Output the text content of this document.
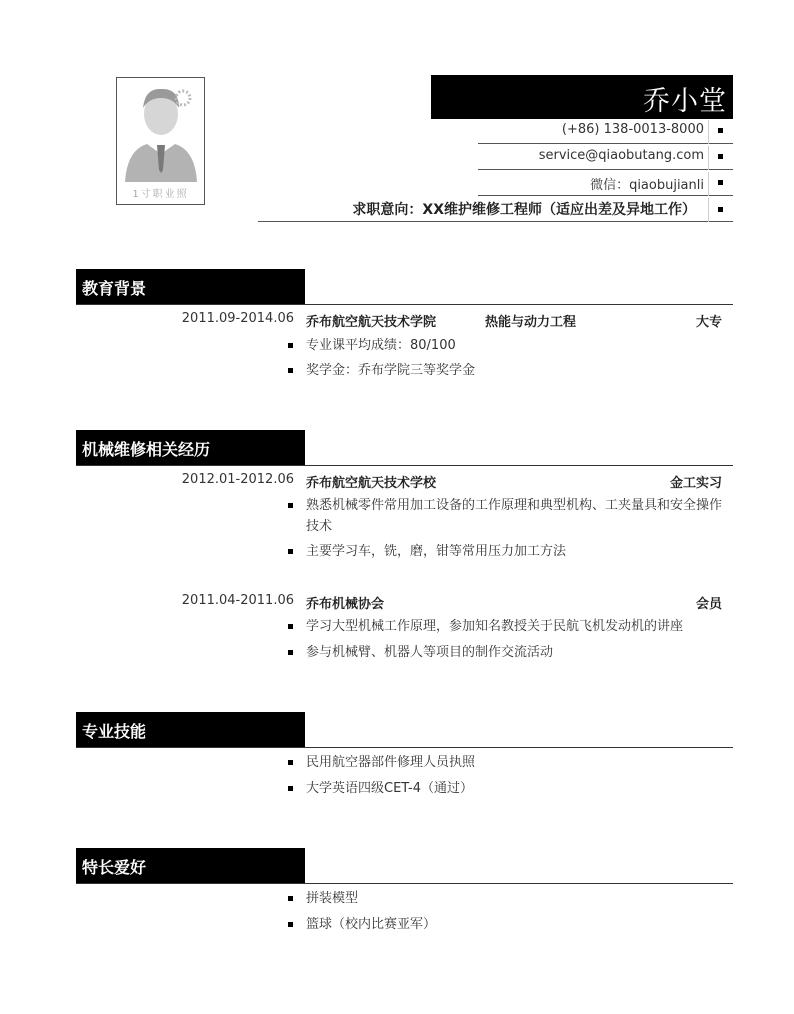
1寸职业照
乔小堂
(+86) 138-0013-8000
service@qiaobutang.com
微信：qiaobujianli
求职意向：XX维护维修工程师（适应出差及异地工作）
教育背景
2011.09-2014.06 乔布航空航天技术学院	热能与动力工程	大专
专业课平均成绩：80/100
奖学金：乔布学院三等奖学金
机械维修相关经历
2012.01-2012.06 乔布航空航天技术学校	金工实习
熟悉机械零件常用加工设备的工作原理和典型机构、工夹量具和安全操作技术
主要学习车，铣，磨，钳等常用压力加工方法
2011.04-2011.06 乔布机械协会	会员
学习大型机械工作原理，参加知名教授关于民航飞机发动机的讲座
参与机械臂、机器人等项目的制作交流活动
专业技能
民用航空器部件修理人员执照
大学英语四级CET-4（通过）
特长爱好
拼装模型
篮球（校内比赛亚军）
